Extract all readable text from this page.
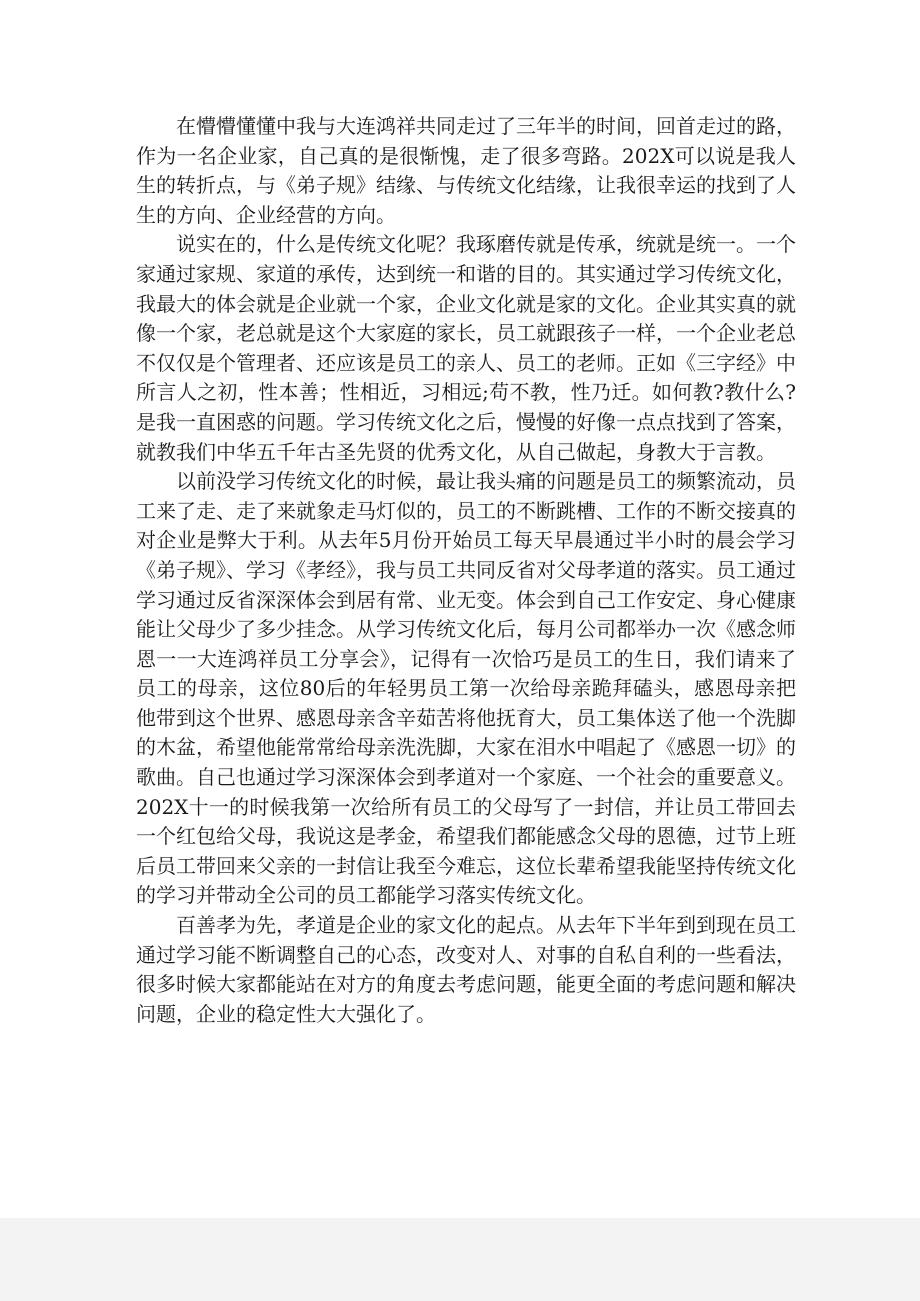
在懵懵懂懂中我与大连鸿祥共同走过了三年半的时间，回首走过的路，作为一名企业家，自己真的是很惭愧，走了很多弯路。202X可以说是我人生的转折点，与《弟子规》结缘、与传统文化结缘，让我很幸运的找到了人生的方向、企业经营的方向。

说实在的，什么是传统文化呢？我琢磨传就是传承，统就是统一。一个家通过家规、家道的承传，达到统一和谐的目的。其实通过学习传统文化，我最大的体会就是企业就一个家，企业文化就是家的文化。企业其实真的就像一个家，老总就是这个大家庭的家长，员工就跟孩子一样，一个企业老总不仅仅是个管理者、还应该是员工的亲人、员工的老师。正如《三字经》中所言人之初，性本善；性相近，习相远;苟不教，性乃迁。如何教?教什么?是我一直困惑的问题。学习传统文化之后，慢慢的好像一点点找到了答案，就教我们中华五千年古圣先贤的优秀文化，从自己做起，身教大于言教。

以前没学习传统文化的时候，最让我头痛的问题是员工的频繁流动，员工来了走、走了来就象走马灯似的，员工的不断跳槽、工作的不断交接真的对企业是弊大于利。从去年5月份开始员工每天早晨通过半小时的晨会学习《弟子规》、学习《孝经》，我与员工共同反省对父母孝道的落实。员工通过学习通过反省深深体会到居有常、业无变。体会到自己工作安定、身心健康能让父母少了多少挂念。从学习传统文化后，每月公司都举办一次《感念师恩一一大连鸿祥员工分享会》，记得有一次恰巧是员工的生日，我们请来了员工的母亲，这位80后的年轻男员工第一次给母亲跪拜磕头，感恩母亲把他带到这个世界、感恩母亲含辛茹苦将他抚育大，员工集体送了他一个洗脚的木盆，希望他能常常给母亲洗洗脚，大家在泪水中唱起了《感恩一切》的歌曲。自己也通过学习深深体会到孝道对一个家庭、一个社会的重要意义。202X十一的时候我第一次给所有员工的父母写了一封信，并让员工带回去一个红包给父母，我说这是孝金，希望我们都能感念父母的恩德，过节上班后员工带回来父亲的一封信让我至今难忘，这位长辈希望我能坚持传统文化的学习并带动全公司的员工都能学习落实传统文化。

百善孝为先，孝道是企业的家文化的起点。从去年下半年到到现在员工通过学习能不断调整自己的心态，改变对人、对事的自私自利的一些看法，很多时候大家都能站在对方的角度去考虑问题，能更全面的考虑问题和解决问题，企业的稳定性大大强化了。
